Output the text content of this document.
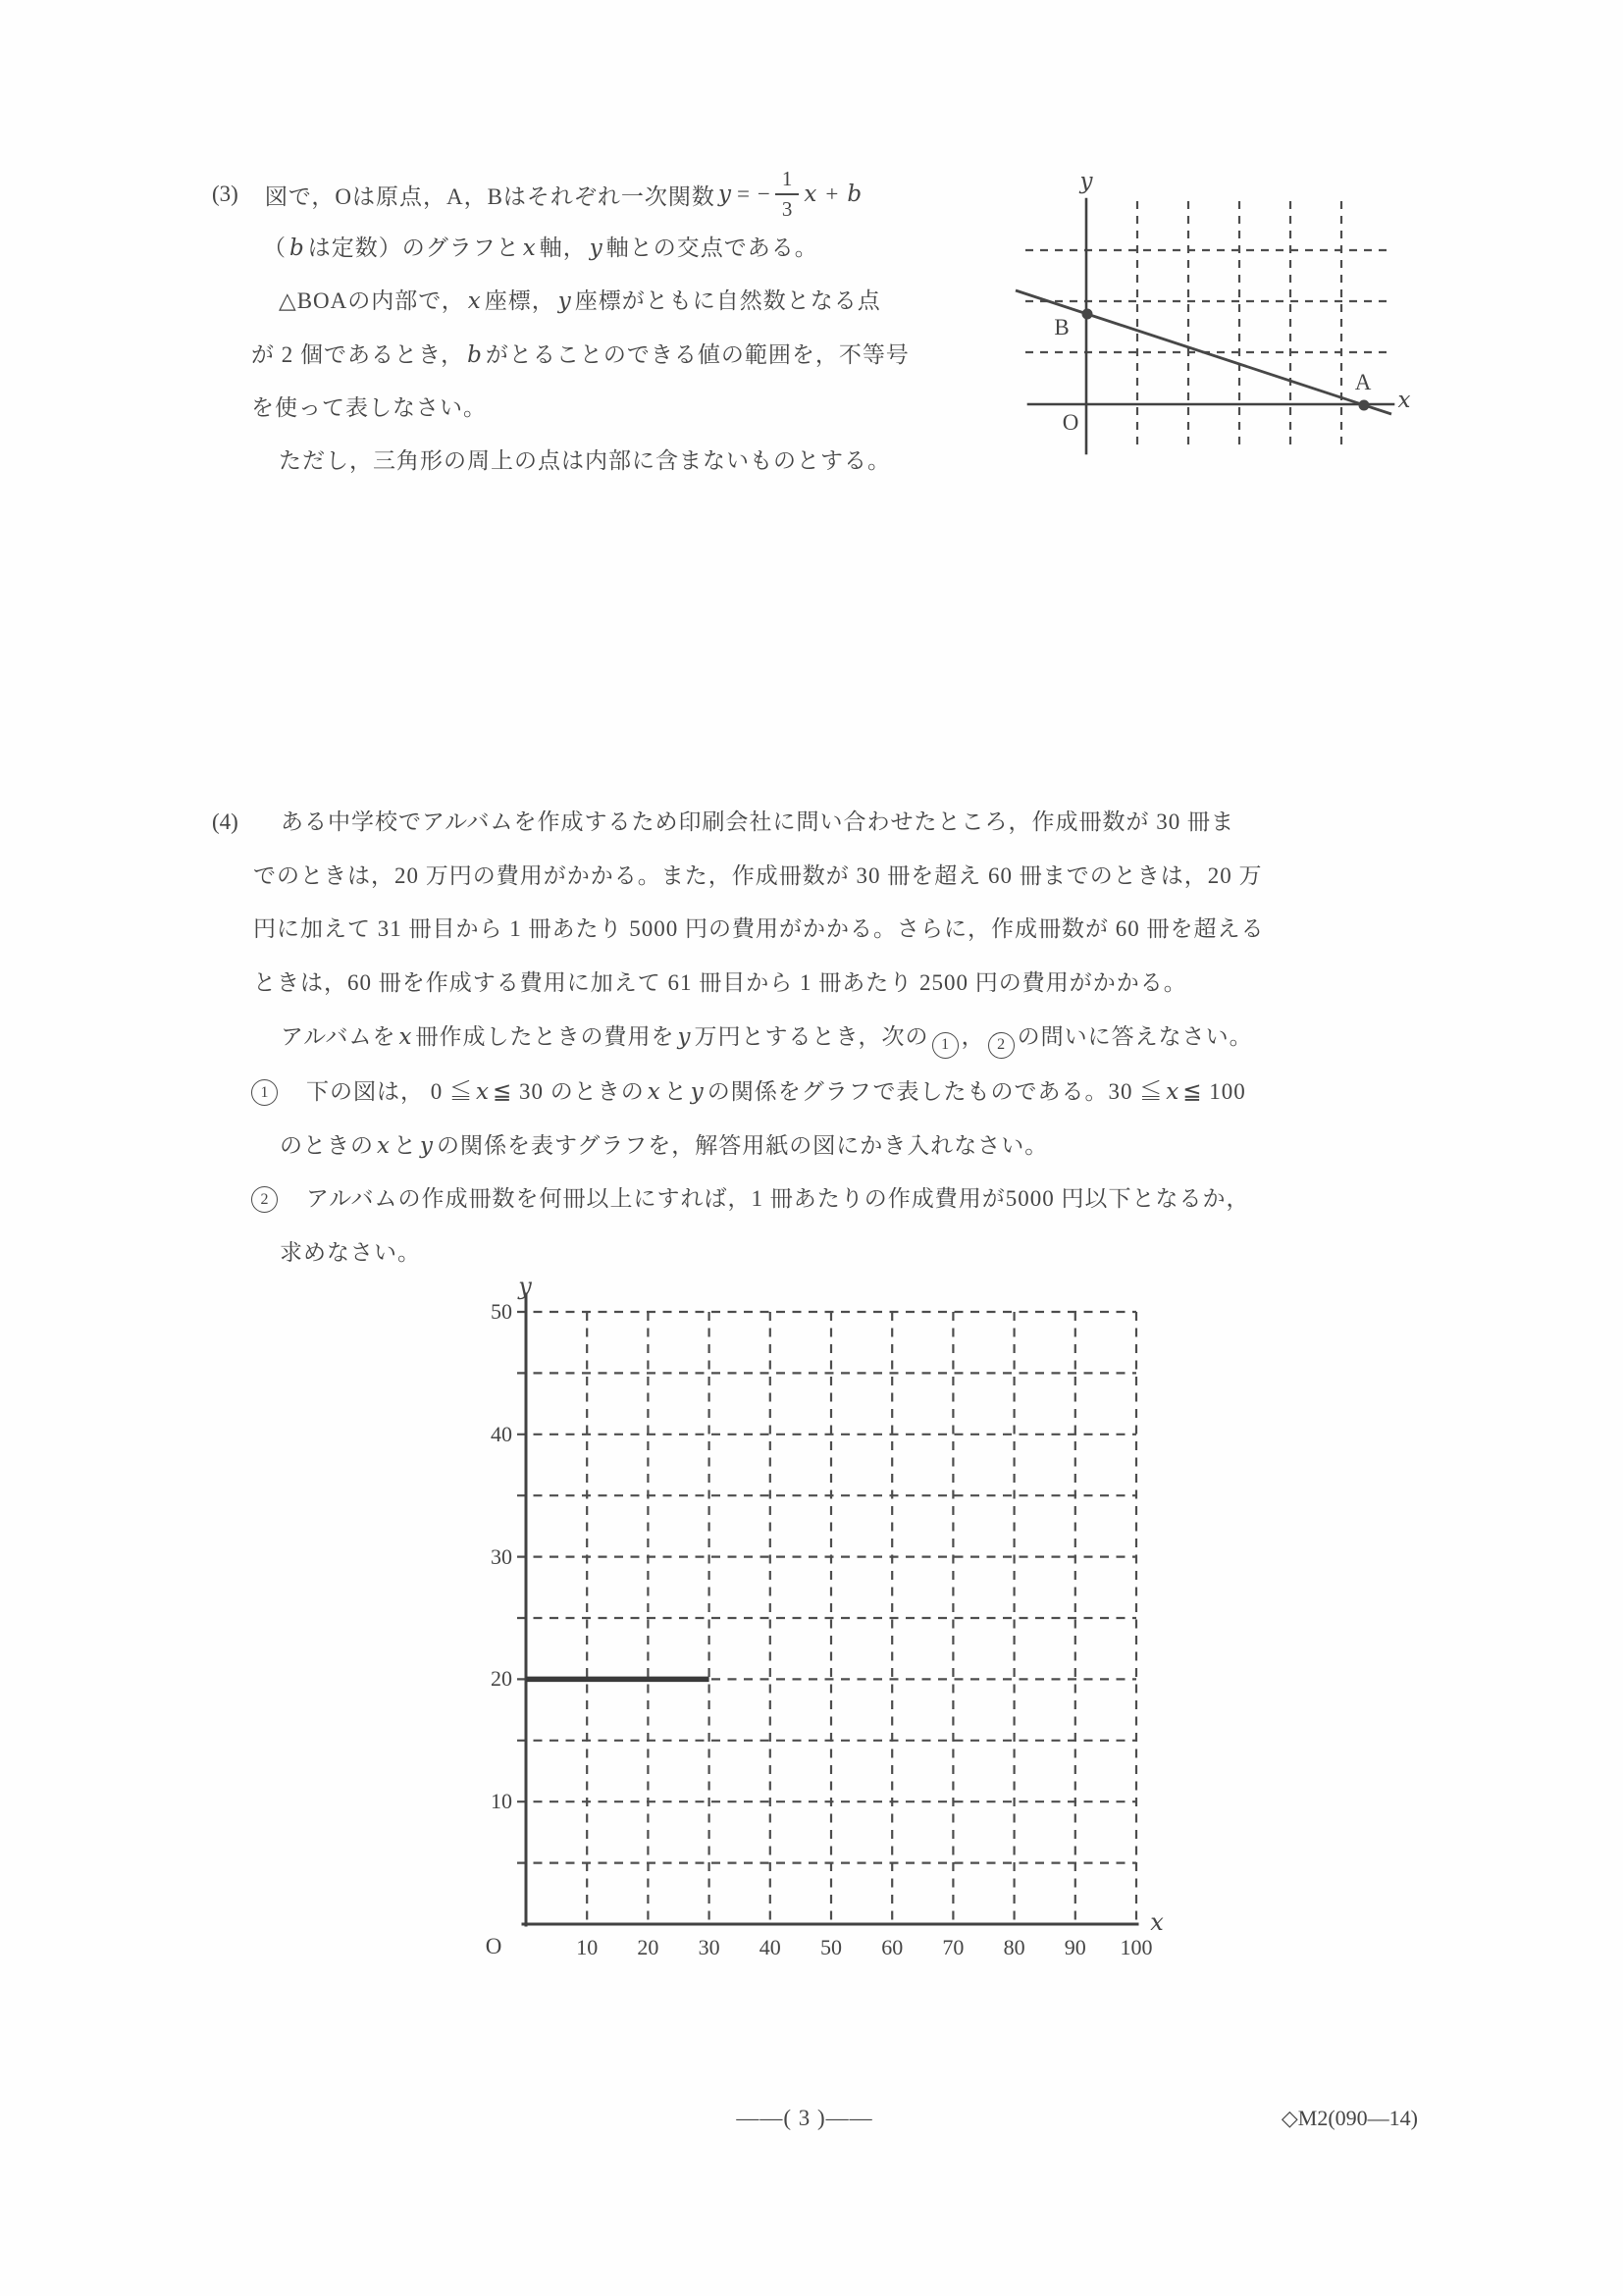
(3) 図で，Oは原点，A，Bはそれぞれ一次関数 y = − $\frac{1}{3}$ x + b
（ b は定数）のグラフと x 軸， y 軸との交点である。
△BOAの内部で， x 座標， y 座標がともに自然数となる点
が 2 個であるとき， b がとることのできる値の範囲を，不等号
を使って表しなさい。
ただし，三角形の周上の点は内部に含まないものとする。
y
x
O
B
A
(4) ある中学校でアルバムを作成するため印刷会社に問い合わせたところ，作成冊数が 30 冊ま
でのときは，20 万円の費用がかかる。また，作成冊数が 30 冊を超え 60 冊までのときは，20 万
円に加えて 31 冊目から 1 冊あたり 5000 円の費用がかかる。さらに，作成冊数が 60 冊を超える
ときは，60 冊を作成する費用に加えて 61 冊目から 1 冊あたり 2500 円の費用がかかる。
アルバムを x 冊作成したときの費用を y 万円とするとき，次の 1 ， 2 の問いに答えなさい。
1	下の図は， 0 ≦ x ≦ 30 のときの x と y の関係をグラフで表したものである。30 ≦ x ≦ 100
のときの x と y の関係を表すグラフを，解答用紙の図にかき入れなさい。
2	アルバムの作成冊数を何冊以上にすれば，1 冊あたりの作成費用が5000 円以下となるか，
求めなさい。
y
x
O	10	20	30	40	50	60	70	80	90	100
50
40
30
20
10
——( 3 )——	◇M2(090—14)
